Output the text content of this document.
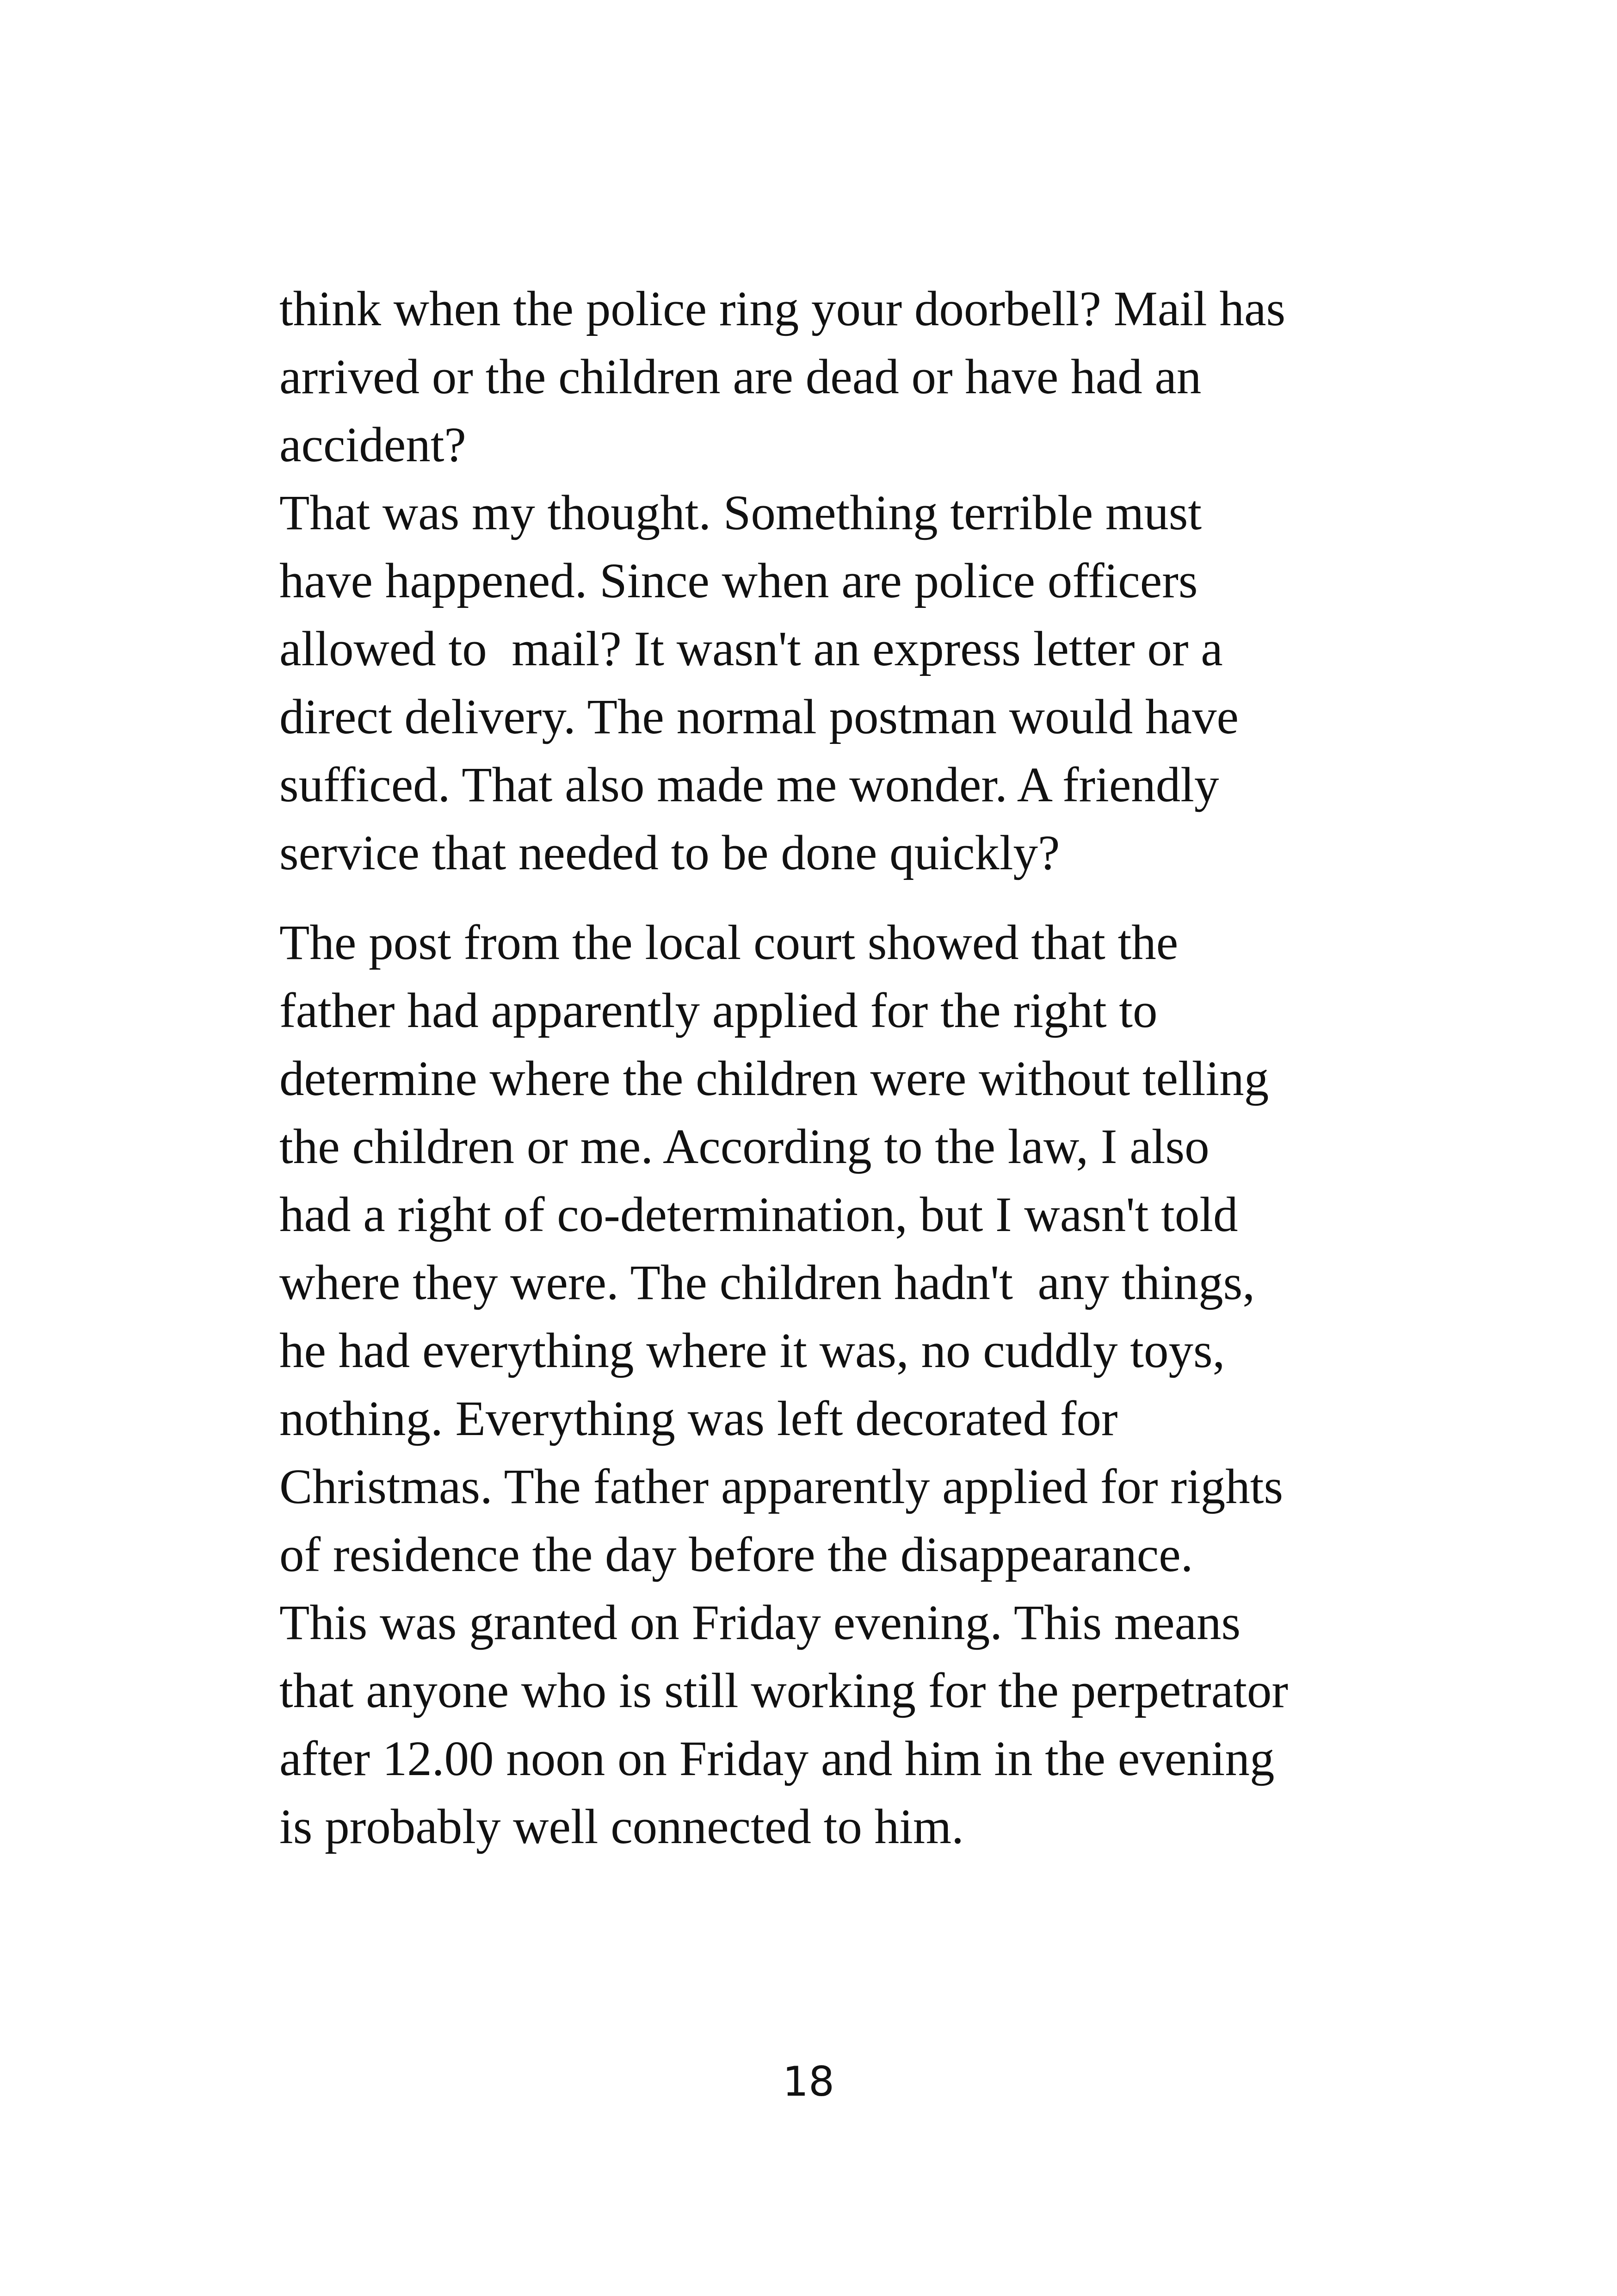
think when the police ring your doorbell? Mail has
arrived or the children are dead or have had an
accident?
That was my thought. Something terrible must
have happened. Since when are police officers
allowed to  mail? It wasn't an express letter or a
direct delivery. The normal postman would have
sufficed. That also made me wonder. A friendly
service that needed to be done quickly?
The post from the local court showed that the
father had apparently applied for the right to
determine where the children were without telling
the children or me. According to the law, I also
had a right of co-determination, but I wasn't told
where they were. The children hadn't  any things,
he had everything where it was, no cuddly toys,
nothing. Everything was left decorated for
Christmas. The father apparently applied for rights
of residence the day before the disappearance.
This was granted on Friday evening. This means
that anyone who is still working for the perpetrator
after 12.00 noon on Friday and him in the evening
is probably well connected to him.
18
